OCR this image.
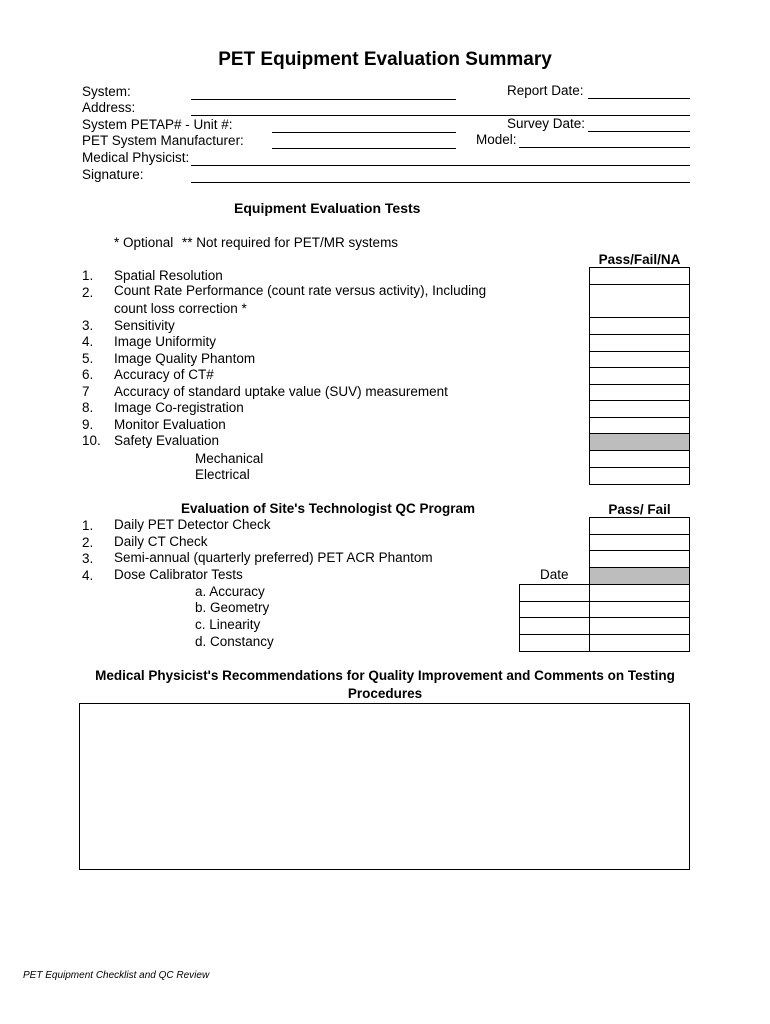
PET Equipment Evaluation Summary
System:
Address:
System PETAP# - Unit #:
PET System Manufacturer:
Medical Physicist:
Signature:
Report Date:
Survey Date:
Model:
Equipment Evaluation Tests
* Optional ** Not required for PET/MR systems
Pass/Fail/NA
1. Spatial Resolution
2. Count Rate Performance (count rate versus activity), Including
count loss correction *
3. Sensitivity
4. Image Uniformity
5. Image Quality Phantom
6. Accuracy of CT#
7 Accuracy of standard uptake value (SUV) measurement
8. Image Co-registration
9. Monitor Evaluation
10. Safety Evaluation
Mechanical
Electrical
Evaluation of Site's Technologist QC Program	Pass/ Fail
1. Daily PET Detector Check
2. Daily CT Check
3. Semi-annual (quarterly preferred) PET ACR Phantom
4. Dose Calibrator Tests
a. Accuracy
b. Geometry
c. Linearity
d. Constancy
Date
Medical Physicist's Recommendations for Quality Improvement and Comments on Testing
Procedures
PET Equipment Checklist and QC Review
